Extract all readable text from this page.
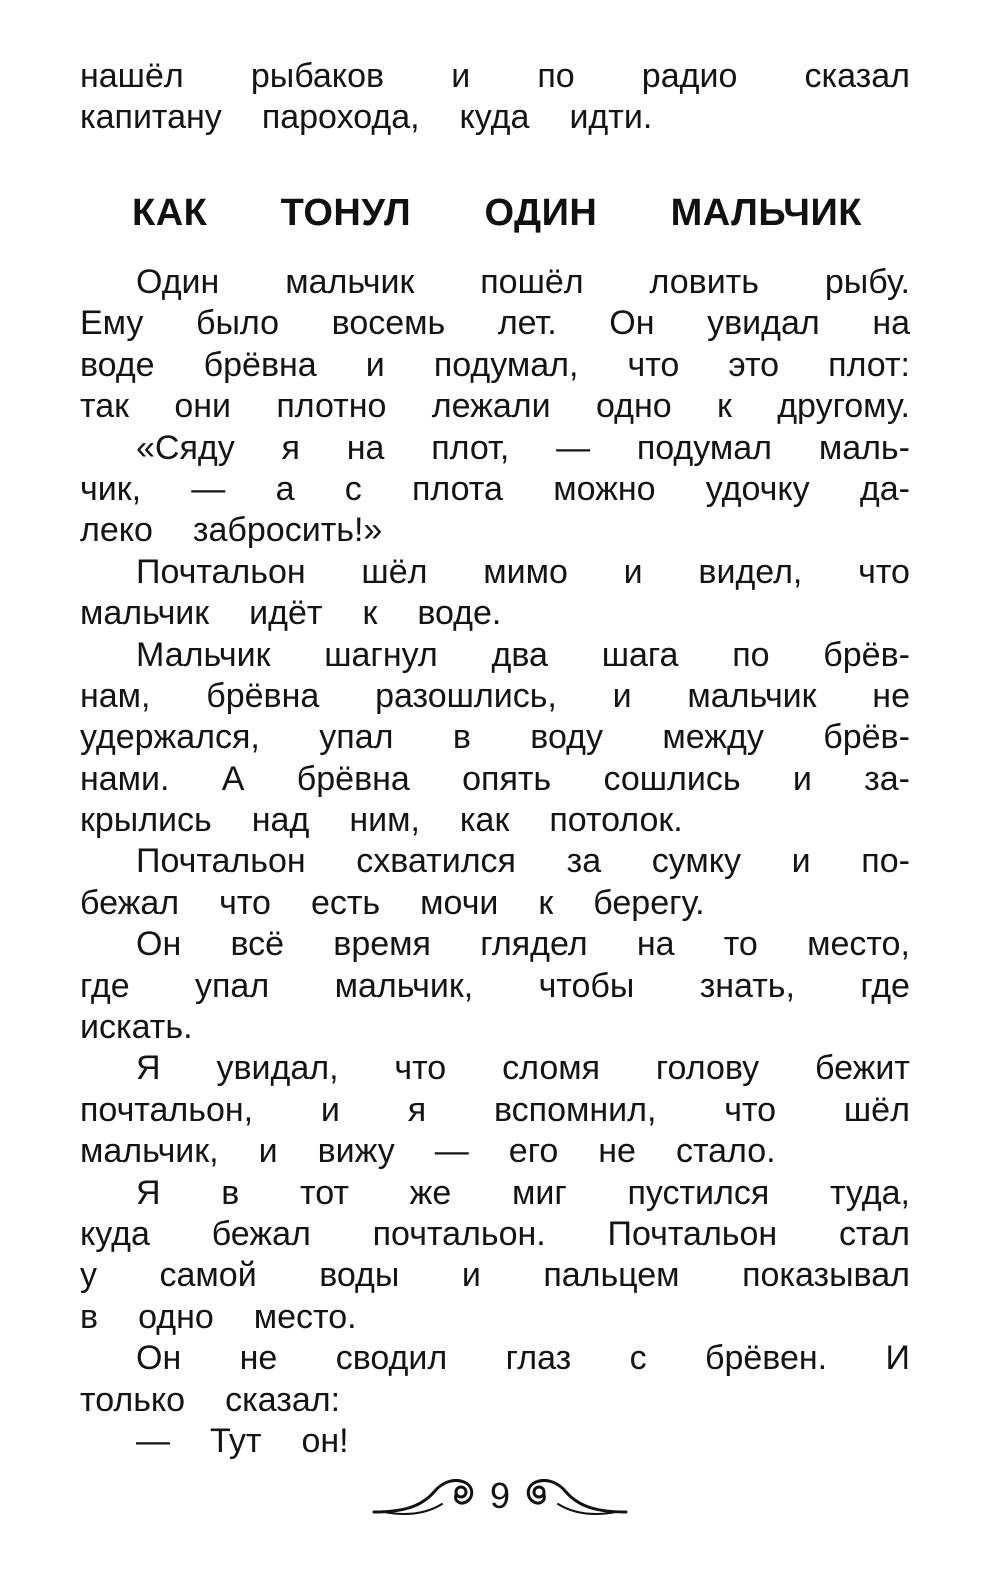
нашёл рыбаков и по радио сказал
капитану парохода, куда идти.
КАК ТОНУЛ ОДИН МАЛЬЧИК
Один мальчик пошёл ловить рыбу.
Ему было восемь лет. Он увидал на
воде брёвна и подумал, что это плот:
так они плотно лежали одно к другому.
«Сяду я на плот, — подумал маль-
чик, — а с плота можно удочку да-
леко забросить!»
Почтальон шёл мимо и видел, что
мальчик идёт к воде.
Мальчик шагнул два шага по брёв-
нам, брёвна разошлись, и мальчик не
удержался, упал в воду между брёв-
нами. А брёвна опять сошлись и за-
крылись над ним, как потолок.
Почтальон схватился за сумку и по-
бежал что есть мочи к берегу.
Он всё время глядел на то место,
где упал мальчик, чтобы знать, где
искать.
Я увидал, что сломя голову бежит
почтальон, и я вспомнил, что шёл
мальчик, и вижу — его не стало.
Я в тот же миг пустился туда,
куда бежал почтальон. Почтальон стал
у самой воды и пальцем показывал
в одно место.
Он не сводил глаз с брёвен. И
только сказал:
— Тут он!
9
